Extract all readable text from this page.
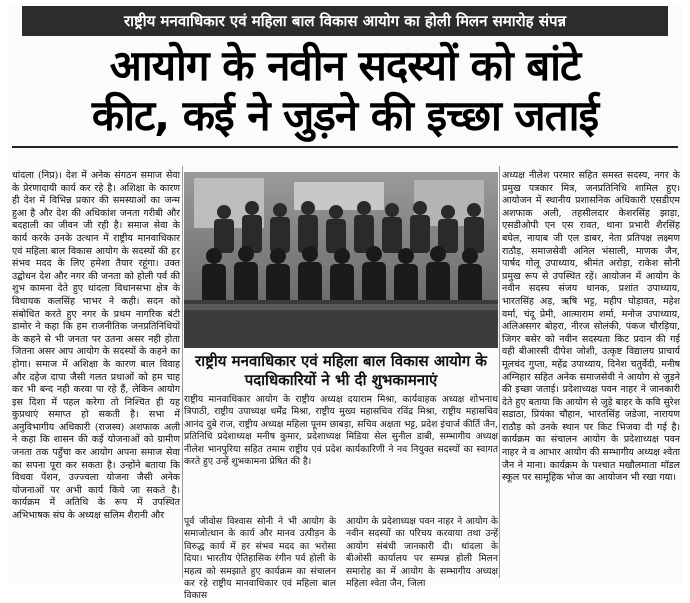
राष्ट्रीय मनवाधिकार एवं महिला बाल विकास आयोग का होली मिलन समारोह संपन्न
आयोग के नवीन सदस्यों को बांटे
कीट, कई ने जुड़ने की इच्छा जताई
धांदला (निप्र)। देश में अनेक संगठन समाज सेवा के प्रेरणादायी कार्य कर रहे है। अशिक्षा के कारण ही देश में विभिन्न प्रकार की समस्याओं का जन्म हुआ है और देश की अधिकांश जनता गरीबी और बदहाली का जीवन जी रही है। समाज सेवा के कार्य करके उनके उत्थान में राष्ट्रीय मानवाधिकार एवं महिला बाल विकास आयोग के सदस्यों की हर संभव मदद के लिए हमेशा तैयार रहूंगा। उक्त उद्बोधन देश और नगर की जनता को होली पर्व की शुभ कामना देते हुए धांदला विधानसभा क्षेत्र के विधायक कलसिंह भाभर ने कही। सदन को संबोधित करते हुए नगर के प्रथम नागरिक बंटी डामोर ने कहा कि हम राजनीतिक जनप्रतिनिधियों के कहने से भी जनता पर उतना असर नही होता जितना असर आप आयोग के सदस्यों के कहने का होगा। समाज में अशिक्षा के कारण बाल विवाह और दहेज दापा जैसी गलत प्रथाओं को हम चाह कर भी बन्द नही करवा पा रहे हैं, लेकिन आयोग इस दिशा में पहल करेगा तो निश्चित ही यह कुप्रथाएं समाप्त हो सकती है। सभा में अनुविभागीय अधिकारी (राजस्व) अशफाक अली ने कहा कि शासन की कई योजनाओं को ग्रामीण जनता तक पहुँचा कर आयोग अपना समाज सेवा का सपना पूरा कर सकता है। उन्होंने बताया कि विधवा पेंशन, उज्ज्वला योजना जैसी अनेक योजनाओं पर अभी कार्य किये जा सकते है। कार्यक्रम में अतिथि के रूप में उपस्थित अभिभाषक संघ के अध्यक्ष सलिम शैरानी और
राष्ट्रीय मनवाधिकार एवं महिला बाल विकास आयोग के पदाधिकारियों ने भी दी शुभकामनाएं
राष्ट्रीय मानवाधिकार आयोग के राष्ट्रीय अध्यक्ष दयाराम मिश्रा, कार्यवाहक अध्यक्ष शोभनाथ त्रिपाठी, राष्ट्रीय उपाध्यक्ष धर्मेंद्र मिश्रा, राष्ट्रीय मुख्य महासचिव रविंद्र मिश्रा, राष्ट्रीय महासचिव आनंद दुबे राज, राष्ट्रीय अध्यक्ष महिला पूनम छाबड़ा, सचिव अक्षता भट्ट, प्रदेश इंचार्ज कीर्ति जैन, प्रतिनिधि प्रदेशाध्यक्ष मनीष कुमार, प्रदेशाध्यक्ष मिडिया सेल सुनील डाबी, सम्भागीय अध्यक्ष नीलेश भानपुरिया सहित तमाम राष्ट्रीय एवं प्रदेश कार्यकारिणी ने नव नियुक्त सदस्यों का स्वागत करते हुए उन्हें शुभकामना प्रेषित की है।
पूर्व जीवोस विश्वास सोनी ने भी आयोग के समाजोत्थान के कार्य और मानव उत्पीड़न के विरुद्ध कार्य में हर संभव मदद का भरोसा दिया। भारतीय ऐतिहासिक रंगीन पर्व होली के महत्व को समझाते हुए कार्यक्रम का संचालन कर रहे राष्ट्रीय मानवाधिकार एवं महिला बाल विकास
आयोग के प्रदेशाध्यक्ष पवन नाहर ने आयोग के नवीन सदस्यों का परिचय करवाया तथा उन्हें आयोग संबंधी जानकारी दी। धांदला के बीओसी कार्यालय पर सम्पन्न होली मिलन समारोह का में आयोग के सम्भागीय अध्यक्ष महिला श्वेता जैन, जिला
अध्यक्ष नीलेश परमार सहित समस्त सदस्य, नगर के प्रमुख पत्रकार मित्र, जनप्रतिनिधि शामिल हुए। आयोजन में स्थानीय प्रशासनिक अधिकारी एसडीएम अशफाक अली, तहसीलदार केशरसिंह झाड़ा, एसडीओपी एन एस रावत, थाना प्रभारी शैरसिंह बघेल, नायाब जी एल डाबर, नेता प्रतिपक्ष लक्ष्मण राठौड़, समाजसेवी अनिल भंसाली, माणक जैन, पार्षद गोलू उपाध्याय, श्रीमंत अरोड़ा, राकेश सोनी प्रमुख रूप से उपस्थित रहें। आयोजन में आयोग के नवीन सदस्य संजय धानक, प्रशांत उपाध्याय, भारतसिंह अड़, ऋषि भट्ट, महीप घोड़ावत, महेश वर्मा, चंदू प्रेमी, आत्माराम शर्मा, मनोज उपाध्याय, अलिअसगर बोहरा, नीरज सोलंकी, पंकज चौरड़िया, जिगर बसेर को नवीन सदस्यता किट प्रदान की गई वही बीआरसी दीपेश जोशी, उत्कृष्ट विद्यालय प्राचार्य मूलचंद गुप्ता, महेंद्र उपाध्याय, दिनेश चतुर्वेदी, मनीष अग्निहार सहित अनेक समाजसेवी ने आयोग से जुड़ने की इच्छा जताई। प्रदेशाध्यक्ष पवन नाहर ने जानकारी देते हुए बताया कि आयोग से जुड़े बाहर के कवि सुरेश सडाठा, प्रियंका चौहान, भारतसिंह जडेजा, नारायण राठौड़ को उनके स्थान पर किट भिजवा दी गई है। कार्यक्रम का संचालन आयोग के प्रदेशाध्यक्ष पवन नाहर ने व आभार आयोग की सम्भागीय अध्यक्ष श्वेता जैन ने माना। कार्यक्रम के पश्चात मखौलमाता मॉडल स्कूल पर सामूहिक भोज का आयोजन भी रखा गया।
